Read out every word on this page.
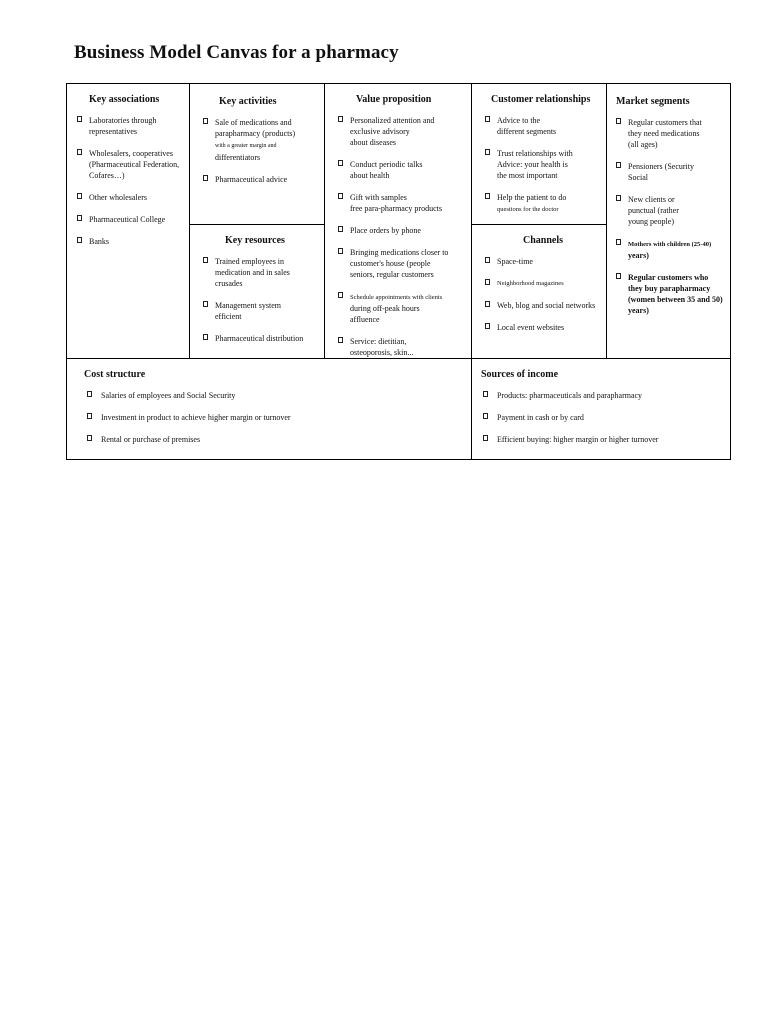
Business Model Canvas for a pharmacy
Key associations
Laboratories through
representatives
Wholesalers, cooperatives
(Pharmaceutical Federation,
Cofares…)
Other wholesalers
Pharmaceutical College
Banks
Key activities
Sale of medications and
parapharmacy (products)
with a greater margin and
differentiators
Pharmaceutical advice
Key resources
Trained employees in
medication and in sales
crusades
Management system
efficient
Pharmaceutical distribution
Value proposition
Personalized attention and
exclusive advisory
about diseases
Conduct periodic talks
about health
Gift with samples
free para-pharmacy products
Place orders by phone
Bringing medications closer to
customer's house (people
seniors, regular customers
Schedule appointments with clients
during off-peak hours
affluence
Service: dietitian,
osteoporosis, skin...
Customer relationships
Advice to the
different segments
Trust relationships with
Advice: your health is
the most important
Help the patient to do
questions for the doctor
Channels
Space-time
Neighborhood magazines
Web, blog and social networks
Local event websites
Market segments
Regular customers that
they need medications
(all ages)
Pensioners (Security
Social
New clients or
punctual (rather
young people)
Mothers with children (25-40)
years)
Regular customers who
they buy parapharmacy
(women between 35 and 50)
years)
Cost structure
Salaries of employees and Social Security
Investment in product to achieve higher margin or turnover
Rental or purchase of premises
Sources of income
Products: pharmaceuticals and parapharmacy
Payment in cash or by card
Efficient buying: higher margin or higher turnover
